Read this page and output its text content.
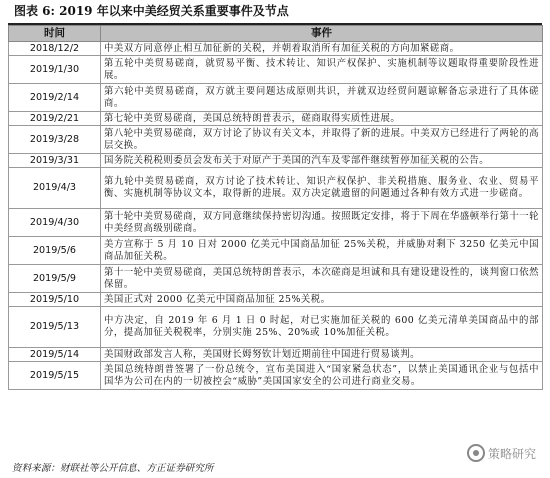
图表 6: 2019 年以来中美经贸关系重要事件及节点
时间	事件
2018/12/2	中美双方同意停止相互加征新的关税，并朝着取消所有加征关税的方向加紧磋商。
2019/1/30	第五轮中美贸易磋商，就贸易平衡、技术转让、知识产权保护、实施机制等议题取得重要阶段性进展。
2019/2/14	第六轮中美贸易磋商，双方就主要问题达成原则共识，并就双边经贸问题谅解备忘录进行了具体磋商。
2019/2/21	第七轮中美贸易磋商，美国总统特朗普表示，磋商取得实质性进展。
2019/3/28	第八轮中美贸易磋商，双方讨论了协议有关文本，并取得了新的进展。中美双方已经进行了两轮的高层交换。
2019/3/31	国务院关税税则委员会发布关于对原产于美国的汽车及零部件继续暂停加征关税的公告。
2019/4/3	第九轮中美贸易磋商，双方讨论了技术转让、知识产权保护、非关税措施、服务业、农业、贸易平衡、实施机制等协议文本，取得新的进展。双方决定就遗留的问题通过各种有效方式进一步磋商。
2019/4/30	第十轮中美贸易磋商，双方同意继续保持密切沟通。按照既定安排，将于下周在华盛顿举行第十一轮中美经贸高级别磋商。
2019/5/6	美方宣称于 5 月 10 日对 2000 亿美元中国商品加征 25%关税，并威胁对剩下 3250 亿美元中国商品加征关税。
2019/5/9	第十一轮中美贸易磋商，美国总统特朗普表示，本次磋商是坦诚和具有建设建设性的，谈判窗口依然保留。
2019/5/10	美国正式对 2000 亿美元中国商品加征 25%关税。
2019/5/13	中方决定，自 2019 年 6 月 1 日 0 时起，对已实施加征关税的 600 亿美元清单美国商品中的部分，提高加征关税税率，分别实施 25%、20%或 10%加征关税。
2019/5/14	美国财政部发言人称，美国财长姆努钦计划近期前往中国进行贸易谈判。
2019/5/15	美国总统特朗普签署了一份总统令，宣布美国进入“国家紧急状态”，以禁止美国通讯企业与包括中国华为公司在内的一切被控会“威胁”美国国家安全的公司进行商业交易。
资料来源：财联社等公开信息、方正证券研究所
策略研究
